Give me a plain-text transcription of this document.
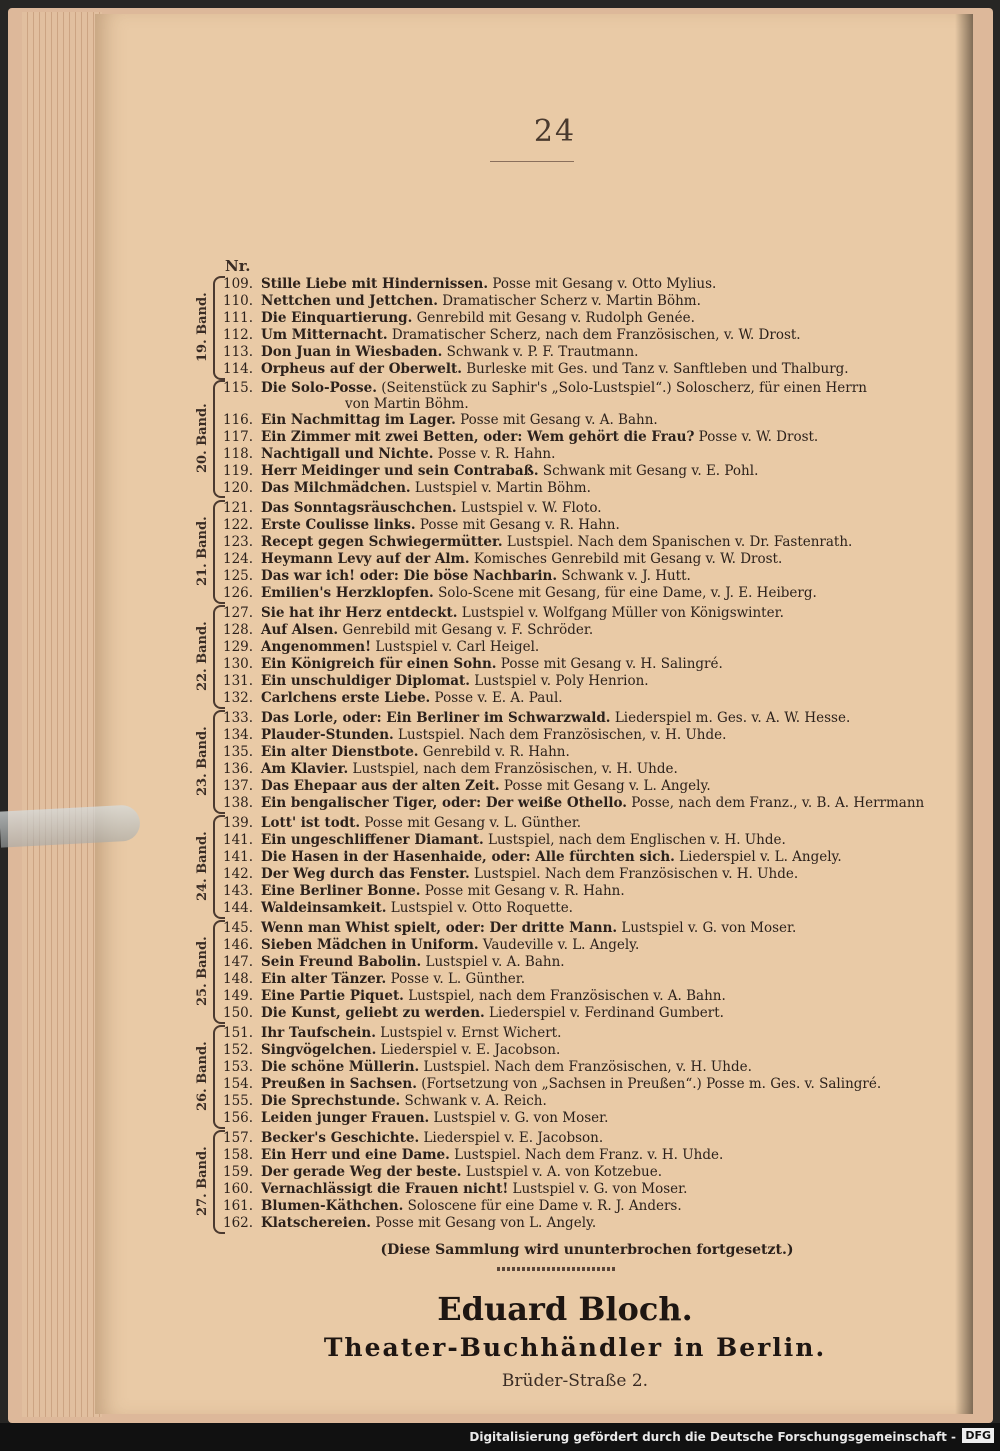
24
Nr.
109. Stille Liebe mit Hindernissen. Posse mit Gesang v. Otto Mylius.
110. Nettchen und Jettchen. Dramatischer Scherz v. Martin Böhm.
111. Die Einquartierung. Genrebild mit Gesang v. Rudolph Genée.
112. Um Mitternacht. Dramatischer Scherz, nach dem Französischen, v. W. Drost.
113. Don Juan in Wiesbaden. Schwank v. P. F. Trautmann.
114. Orpheus auf der Oberwelt. Burleske mit Ges. und Tanz v. Sanftleben und Thalburg.
115. Die Solo-Posse. (Seitenstück zu Saphir's „Solo-Lustspiel“.) Soloscherz, für einen Herrn
von Martin Böhm.
116. Ein Nachmittag im Lager. Posse mit Gesang v. A. Bahn.
117. Ein Zimmer mit zwei Betten, oder: Wem gehört die Frau? Posse v. W. Drost.
118. Nachtigall und Nichte. Posse v. R. Hahn.
119. Herr Meidinger und sein Contrabaß. Schwank mit Gesang v. E. Pohl.
120. Das Milchmädchen. Lustspiel v. Martin Böhm.
121. Das Sonntagsräuschchen. Lustspiel v. W. Floto.
122. Erste Coulisse links. Posse mit Gesang v. R. Hahn.
123. Recept gegen Schwiegermütter. Lustspiel. Nach dem Spanischen v. Dr. Fastenrath.
124. Heymann Levy auf der Alm. Komisches Genrebild mit Gesang v. W. Drost.
125. Das war ich! oder: Die böse Nachbarin. Schwank v. J. Hutt.
126. Emilien's Herzklopfen. Solo-Scene mit Gesang, für eine Dame, v. J. E. Heiberg.
127. Sie hat ihr Herz entdeckt. Lustspiel v. Wolfgang Müller von Königswinter.
128. Auf Alsen. Genrebild mit Gesang v. F. Schröder.
129. Angenommen! Lustspiel v. Carl Heigel.
130. Ein Königreich für einen Sohn. Posse mit Gesang v. H. Salingré.
131. Ein unschuldiger Diplomat. Lustspiel v. Poly Henrion.
132. Carlchens erste Liebe. Posse v. E. A. Paul.
133. Das Lorle, oder: Ein Berliner im Schwarzwald. Liederspiel m. Ges. v. A. W. Hesse.
134. Plauder-Stunden. Lustspiel. Nach dem Französischen, v. H. Uhde.
135. Ein alter Dienstbote. Genrebild v. R. Hahn.
136. Am Klavier. Lustspiel, nach dem Französischen, v. H. Uhde.
137. Das Ehepaar aus der alten Zeit. Posse mit Gesang v. L. Angely.
138. Ein bengalischer Tiger, oder: Der weiße Othello. Posse, nach dem Franz., v. B. A. Herrmann
139. Lott' ist todt. Posse mit Gesang v. L. Günther.
141. Ein ungeschliffener Diamant. Lustspiel, nach dem Englischen v. H. Uhde.
141. Die Hasen in der Hasenhaide, oder: Alle fürchten sich. Liederspiel v. L. Angely.
142. Der Weg durch das Fenster. Lustspiel. Nach dem Französischen v. H. Uhde.
143. Eine Berliner Bonne. Posse mit Gesang v. R. Hahn.
144. Waldeinsamkeit. Lustspiel v. Otto Roquette.
145. Wenn man Whist spielt, oder: Der dritte Mann. Lustspiel v. G. von Moser.
146. Sieben Mädchen in Uniform. Vaudeville v. L. Angely.
147. Sein Freund Babolin. Lustspiel v. A. Bahn.
148. Ein alter Tänzer. Posse v. L. Günther.
149. Eine Partie Piquet. Lustspiel, nach dem Französischen v. A. Bahn.
150. Die Kunst, geliebt zu werden. Liederspiel v. Ferdinand Gumbert.
151. Ihr Taufschein. Lustspiel v. Ernst Wichert.
152. Singvögelchen. Liederspiel v. E. Jacobson.
153. Die schöne Müllerin. Lustspiel. Nach dem Französischen, v. H. Uhde.
154. Preußen in Sachsen. (Fortsetzung von „Sachsen in Preußen“.) Posse m. Ges. v. Salingré.
155. Die Sprechstunde. Schwank v. A. Reich.
156. Leiden junger Frauen. Lustspiel v. G. von Moser.
157. Becker's Geschichte. Liederspiel v. E. Jacobson.
158. Ein Herr und eine Dame. Lustspiel. Nach dem Franz. v. H. Uhde.
159. Der gerade Weg der beste. Lustspiel v. A. von Kotzebue.
160. Vernachlässigt die Frauen nicht! Lustspiel v. G. von Moser.
161. Blumen-Käthchen. Soloscene für eine Dame v. R. J. Anders.
162. Klatschereien. Posse mit Gesang von L. Angely.
19. Band.
20. Band.
21. Band.
22. Band.
23. Band.
24. Band.
25. Band.
26. Band.
27. Band.
(Diese Sammlung wird ununterbrochen fortgesetzt.)
Eduard Bloch.
Theater-Buchhändler in Berlin.
Brüder-Straße 2.
Digitalisierung gefördert durch die Deutsche Forschungsgemeinschaft - DFG
